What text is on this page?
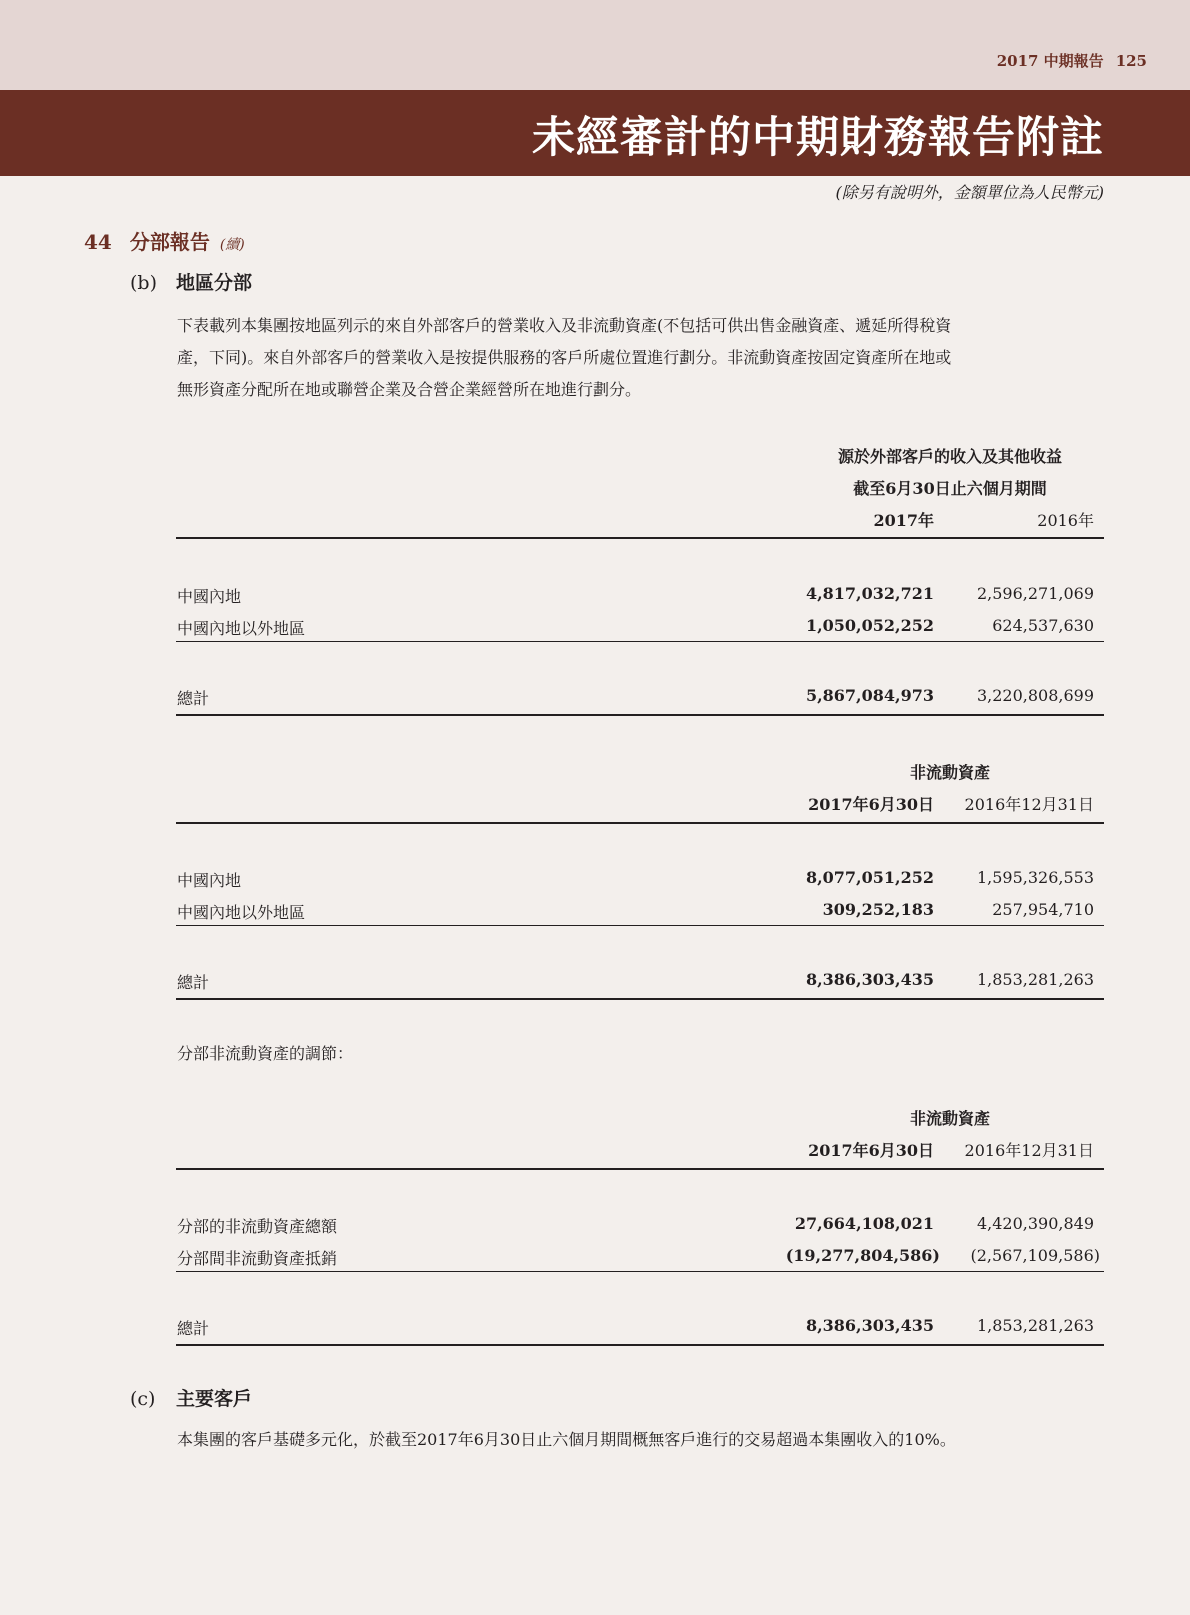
2017 中期報告 125
未經審計的中期財務報告附註
(除另有說明外，金額單位為人民幣元)
44 分部報告 (續)
(b) 地區分部
下表載列本集團按地區列示的來自外部客戶的營業收入及非流動資產(不包括可供出售金融資產、遞延所得稅資
產，下同)。來自外部客戶的營業收入是按提供服務的客戶所處位置進行劃分。非流動資產按固定資產所在地或
無形資產分配所在地或聯營企業及合營企業經營所在地進行劃分。
源於外部客戶的收入及其他收益
截至6月30日止六個月期間
2017年	2016年
中國內地	4,817,032,721	2,596,271,069
中國內地以外地區	1,050,052,252	624,537,630
總計	5,867,084,973	3,220,808,699
非流動資產
2017年6月30日	2016年12月31日
中國內地	8,077,051,252	1,595,326,553
中國內地以外地區	309,252,183	257,954,710
總計	8,386,303,435	1,853,281,263
分部非流動資產的調節：
非流動資產
2017年6月30日	2016年12月31日
分部的非流動資產總額	27,664,108,021	4,420,390,849
分部間非流動資產抵銷	(19,277,804,586)	(2,567,109,586)
總計	8,386,303,435	1,853,281,263
(c) 主要客戶
本集團的客戶基礎多元化，於截至2017年6月30日止六個月期間概無客戶進行的交易超過本集團收入的10%。
